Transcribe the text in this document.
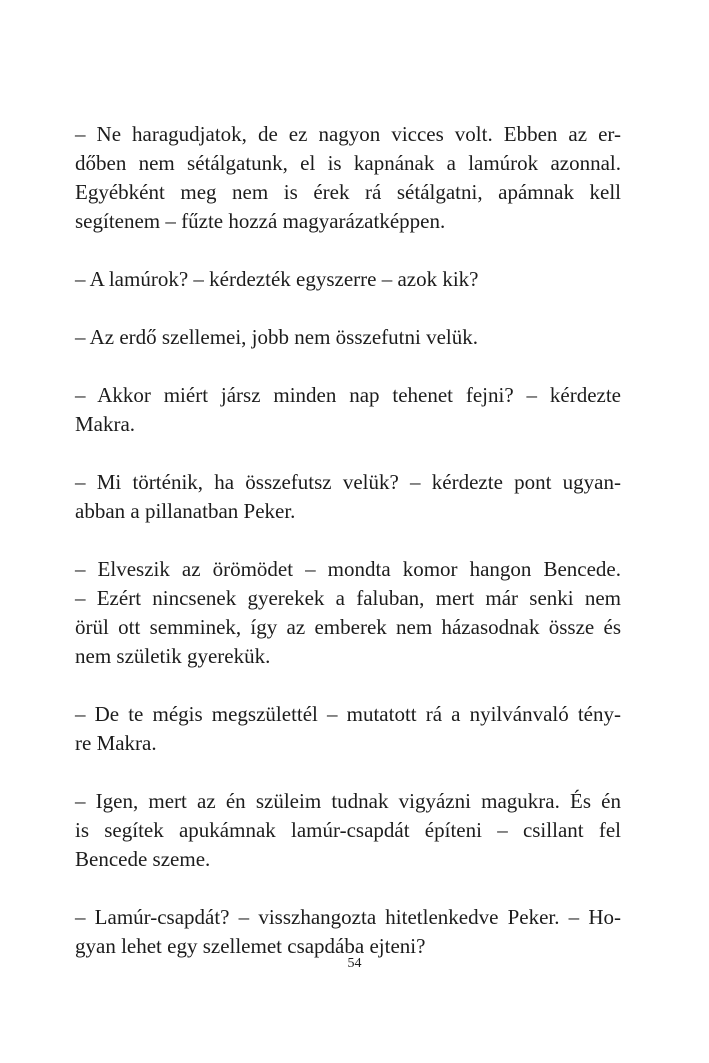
– Ne haragudjatok, de ez nagyon vicces volt. Ebben az er-
dőben nem sétálgatunk, el is kapnának a lamúrok azonnal.
Egyébként meg nem is érek rá sétálgatni, apámnak kell
segítenem – fűzte hozzá magyarázatképpen.

– A lamúrok? – kérdezték egyszerre – azok kik?

– Az erdő szellemei, jobb nem összefutni velük.

– Akkor miért jársz minden nap tehenet fejni? – kérdezte
Makra.

– Mi történik, ha összefutsz velük? – kérdezte pont ugyan-
abban a pillanatban Peker.

– Elveszik az örömödet – mondta komor hangon Bencede.
– Ezért nincsenek gyerekek a faluban, mert már senki nem
örül ott semminek, így az emberek nem házasodnak össze és
nem születik gyerekük.

– De te mégis megszülettél – mutatott rá a nyilvánvaló tény-
re Makra.

– Igen, mert az én szüleim tudnak vigyázni magukra. És én
is segítek apukámnak lamúr-csapdát építeni – csillant fel
Bencede szeme.

– Lamúr-csapdát? – visszhangozta hitetlenkedve Peker. – Ho-
gyan lehet egy szellemet csapdába ejteni?

54
